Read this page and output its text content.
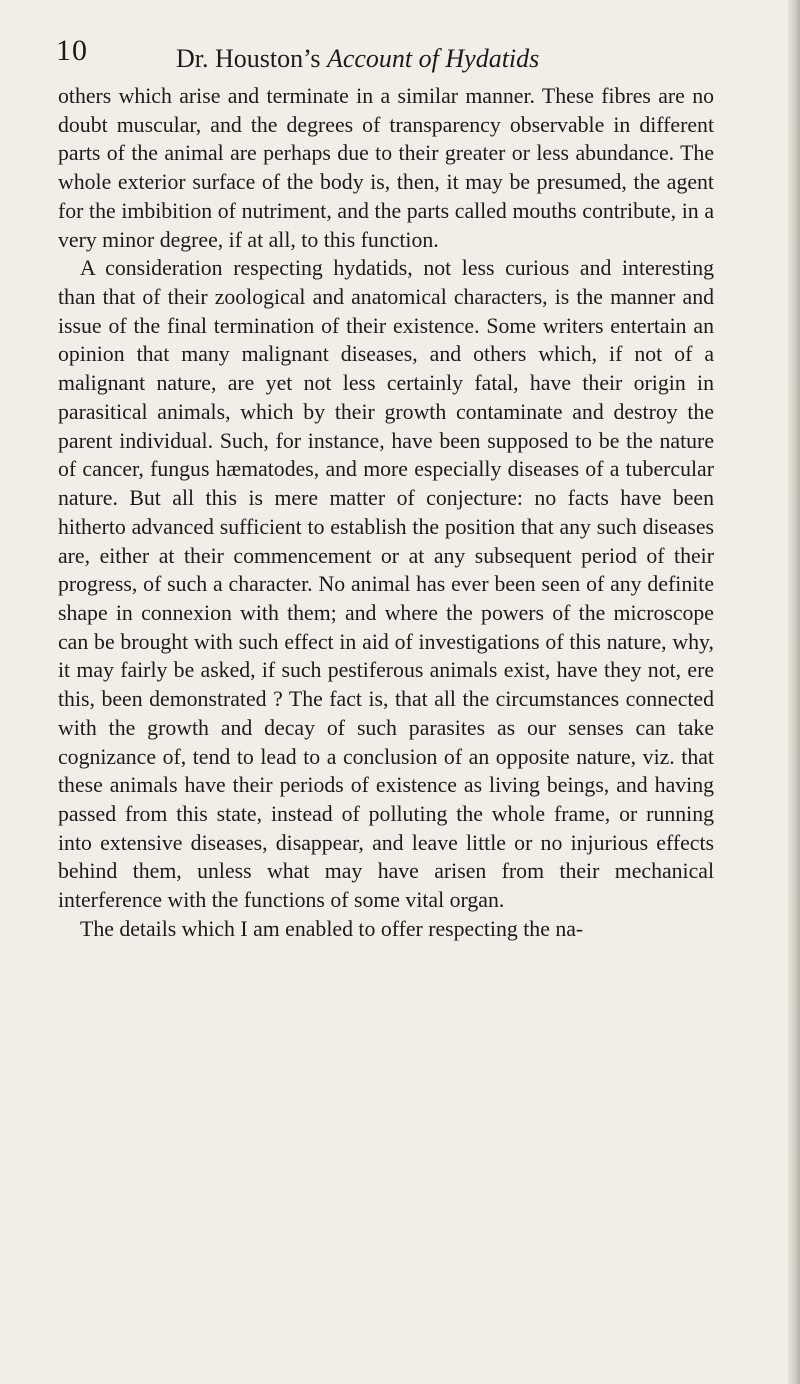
10	Dr. Houston’s Account of Hydatids

others which arise and terminate in a similar manner. These fibres are no doubt muscular, and the degrees of transparency observable in different parts of the animal are perhaps due to their greater or less abundance. The whole exterior surface of the body is, then, it may be presumed, the agent for the imbibition of nutriment, and the parts called mouths contribute, in a very minor degree, if at all, to this function.

A consideration respecting hydatids, not less curious and interesting than that of their zoological and anatomical characters, is the manner and issue of the final termination of their existence. Some writers entertain an opinion that many malignant diseases, and others which, if not of a malignant nature, are yet not less certainly fatal, have their origin in parasitical animals, which by their growth contaminate and destroy the parent individual. Such, for instance, have been supposed to be the nature of cancer, fungus hæmatodes, and more especially diseases of a tubercular nature. But all this is mere matter of conjecture: no facts have been hitherto advanced sufficient to establish the position that any such diseases are, either at their commencement or at any subsequent period of their progress, of such a character. No animal has ever been seen of any definite shape in connexion with them; and where the powers of the microscope can be brought with such effect in aid of investigations of this nature, why, it may fairly be asked, if such pestiferous animals exist, have they not, ere this, been demonstrated ? The fact is, that all the circumstances connected with the growth and decay of such parasites as our senses can take cognizance of, tend to lead to a conclusion of an opposite nature, viz. that these animals have their periods of existence as living beings, and having passed from this state, instead of polluting the whole frame, or running into extensive diseases, disappear, and leave little or no injurious effects behind them, unless what may have arisen from their mechanical interference with the functions of some vital organ.

The details which I am enabled to offer respecting the na-
